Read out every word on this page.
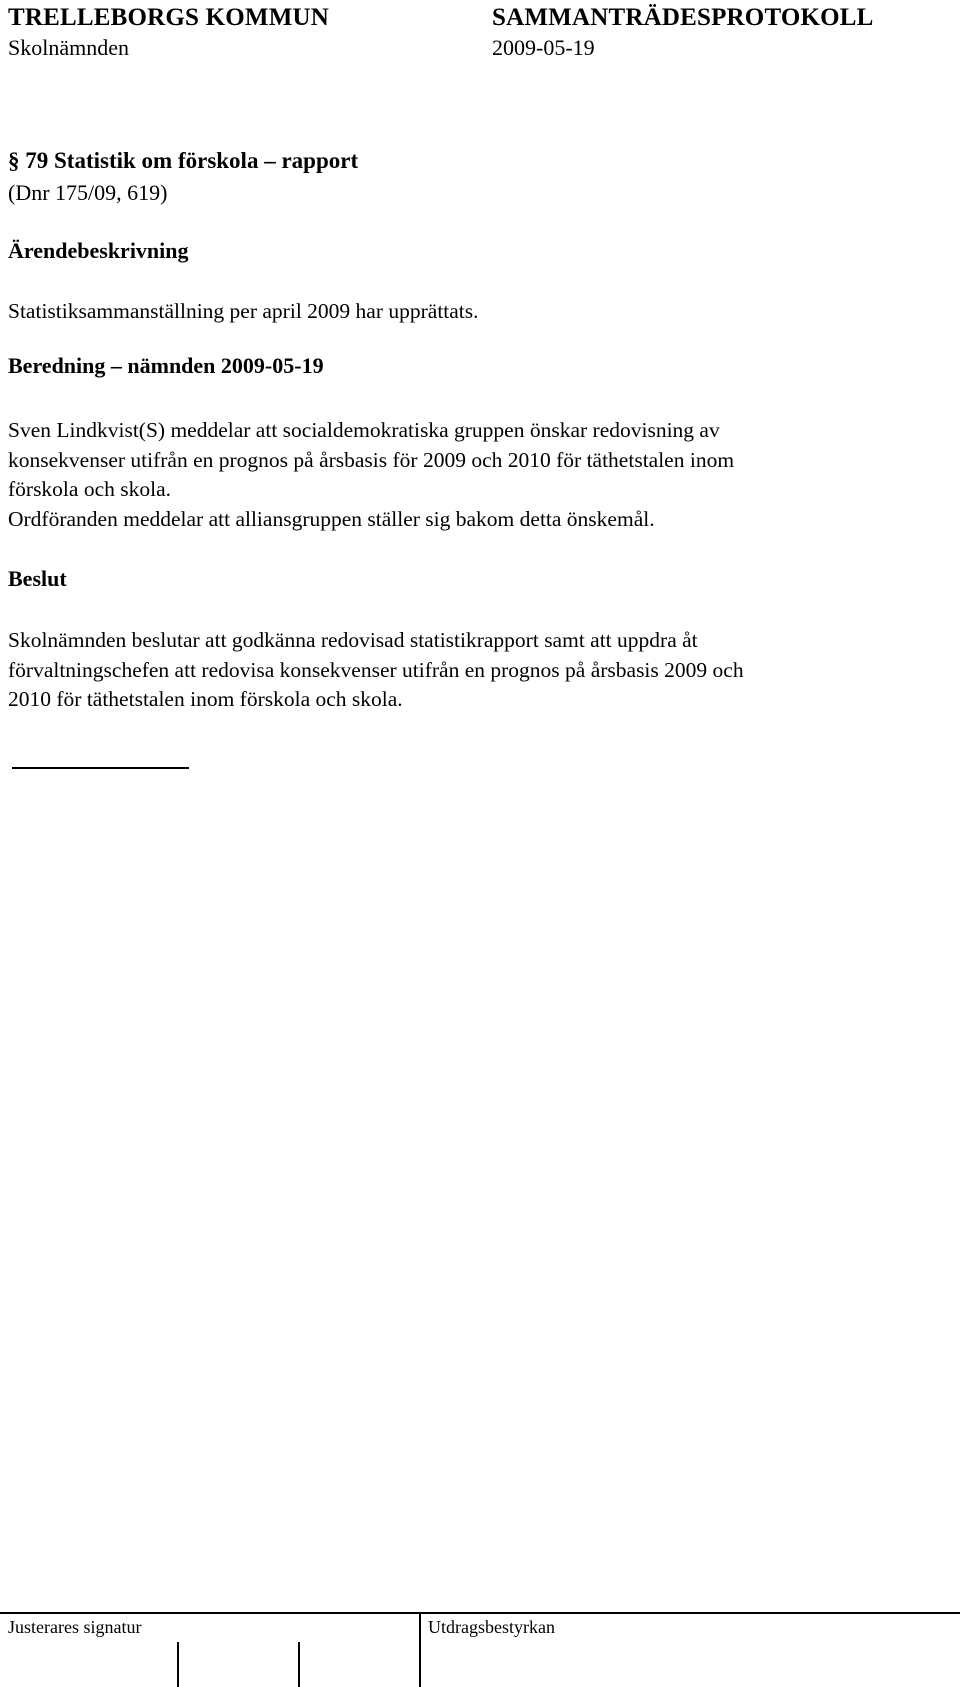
TRELLEBORGS KOMMUN	SAMMANTRÄDESPROTOKOLL
Skolnämnden	2009-05-19
§ 79 Statistik om förskola – rapport
(Dnr 175/09, 619)
Ärendebeskrivning
Statistiksammanställning per april 2009 har upprättats.
Beredning – nämnden 2009-05-19
Sven Lindkvist(S) meddelar att socialdemokratiska gruppen önskar redovisning av
konsekvenser utifrån en prognos på årsbasis för 2009 och 2010 för täthetstalen inom
förskola och skola.
Ordföranden meddelar att alliansgruppen ställer sig bakom detta önskemål.
Beslut
Skolnämnden beslutar att godkänna redovisad statistikrapport samt att uppdra åt
förvaltningschefen att redovisa konsekvenser utifrån en prognos på årsbasis 2009 och
2010 för täthetstalen inom förskola och skola.
Justerares signatur	Utdragsbestyrkan
